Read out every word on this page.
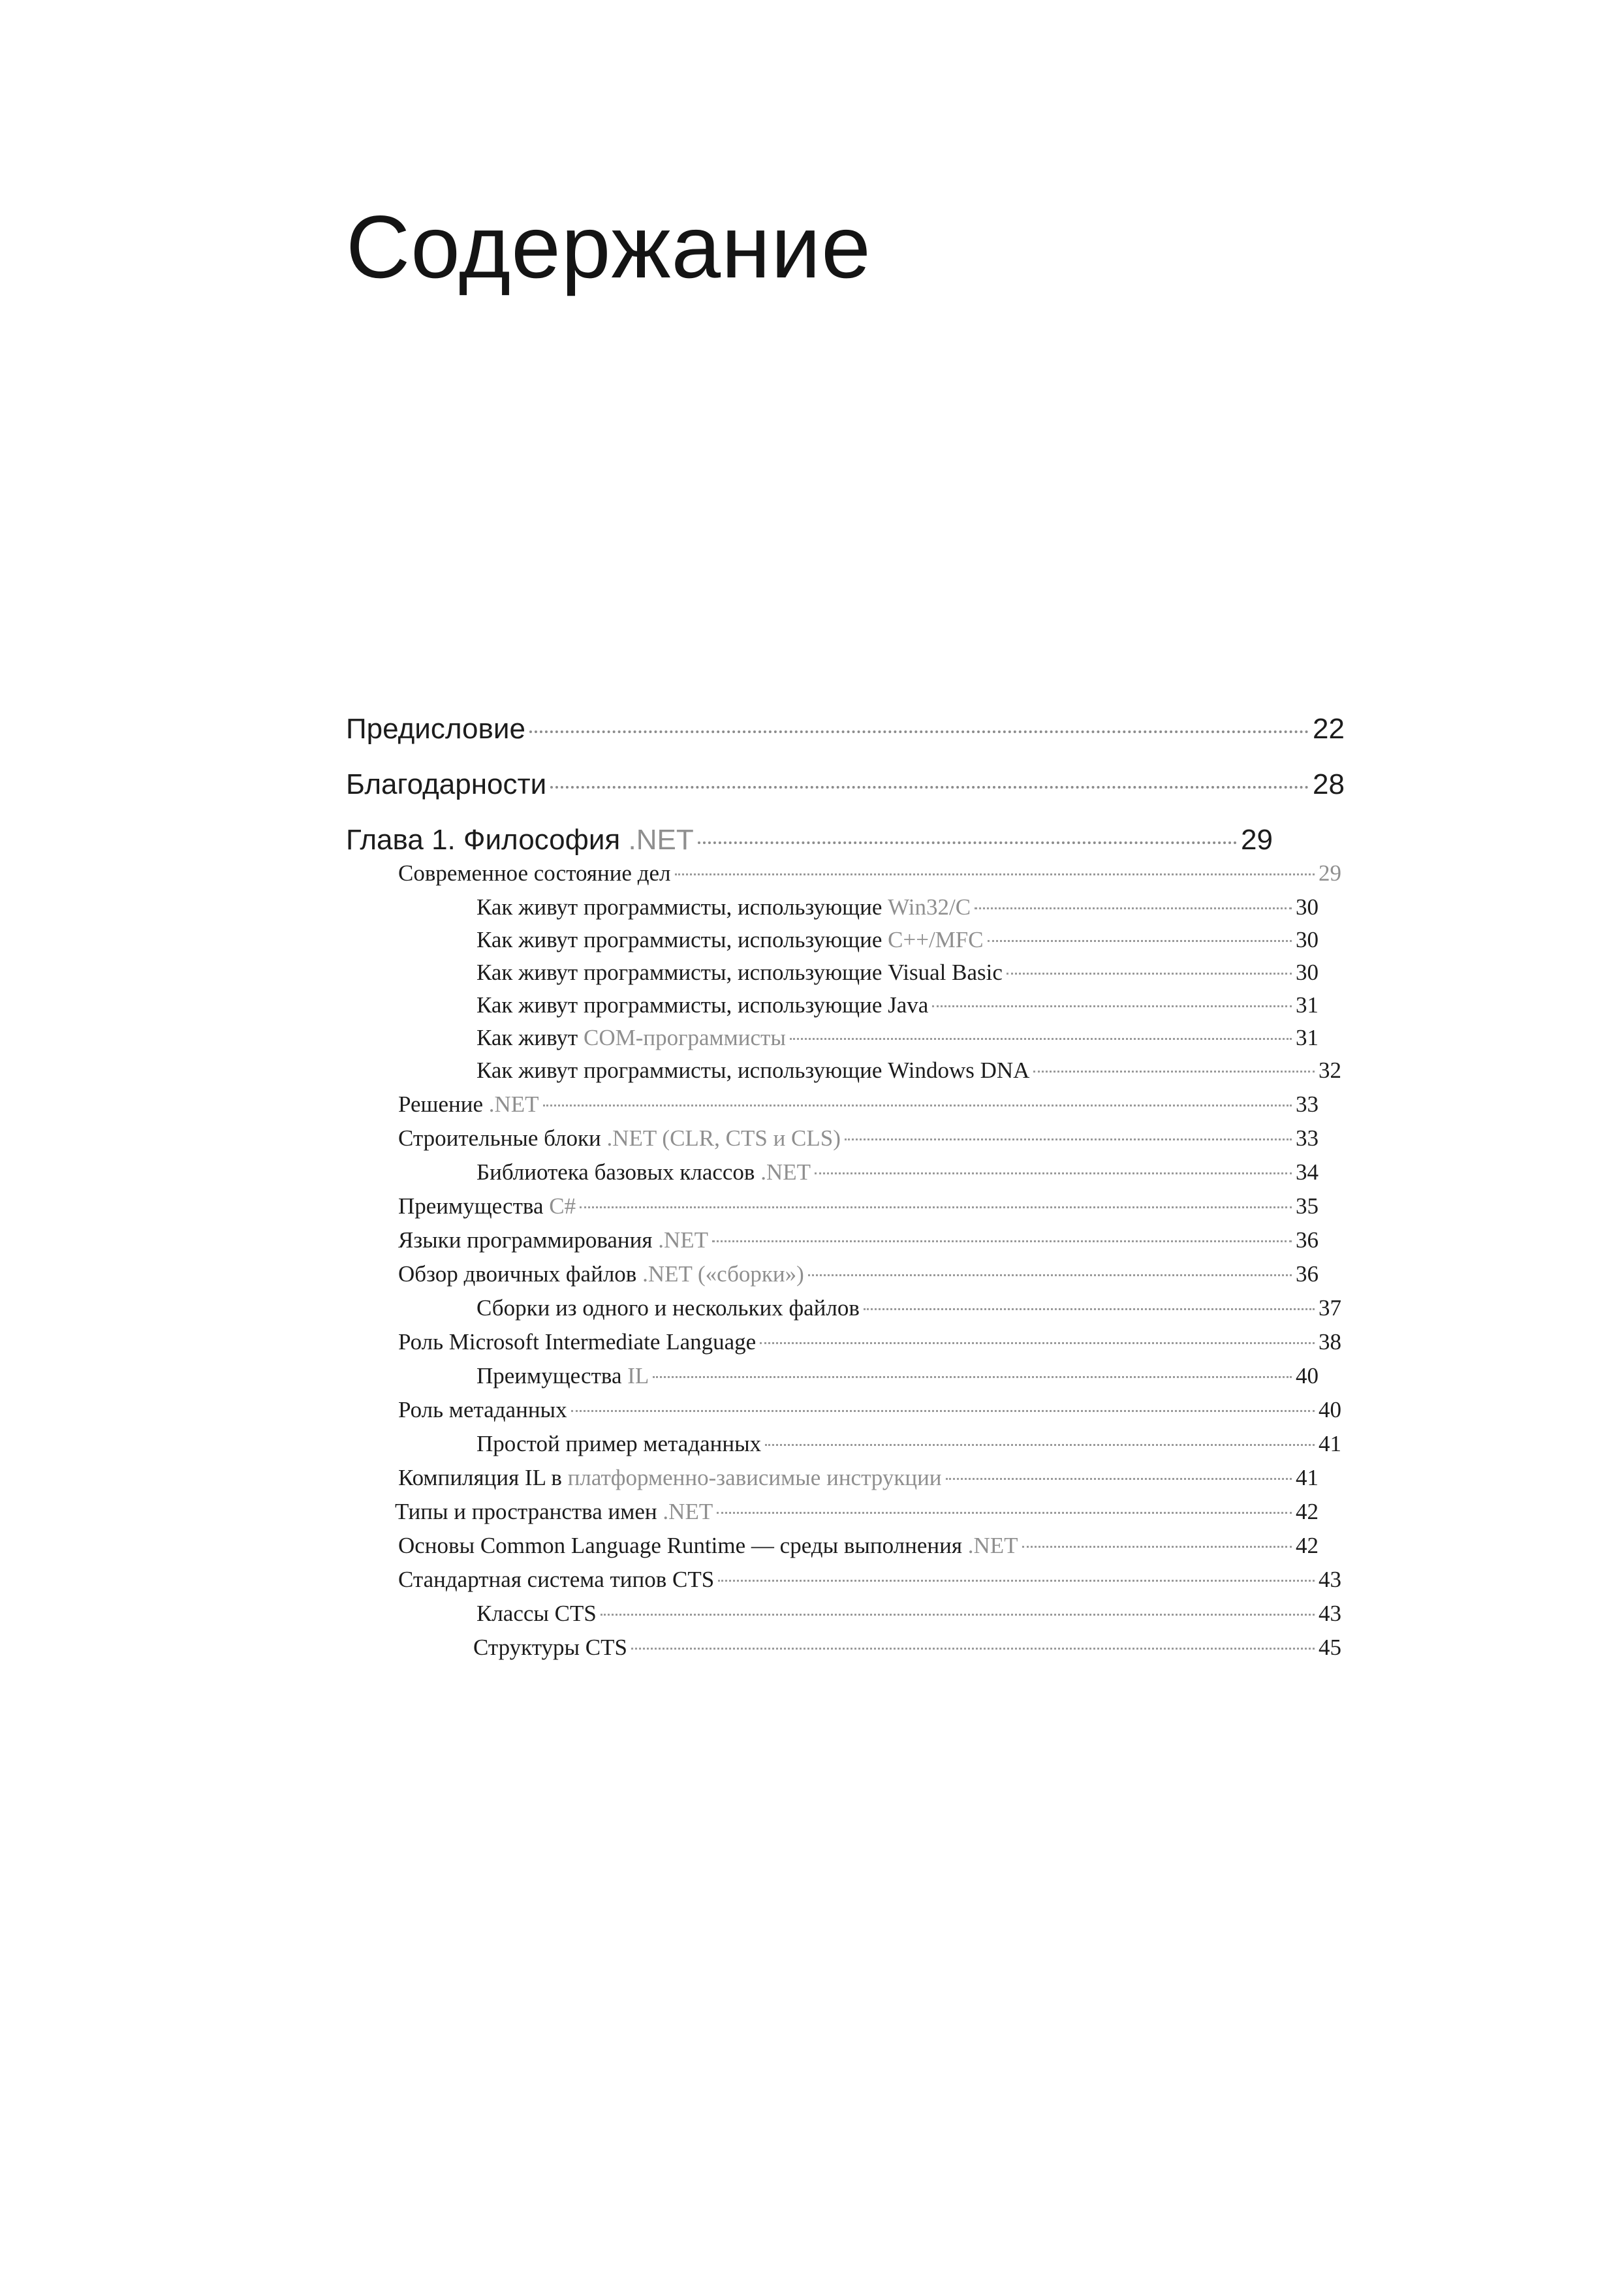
Содержание
Предисловие	22
Благодарности	28
Глава 1. Философия .NET	29
Современное состояние дел	29
Как живут программисты, использующие Win32/C	30
Как живут программисты, использующие C++/MFC	30
Как живут программисты, использующие Visual Basic	30
Как живут программисты, использующие Java	31
Как живут COM-программисты	31
Как живут программисты, использующие Windows DNA	32
Решение .NET	33
Строительные блоки .NET (CLR, CTS и CLS)	33
Библиотека базовых классов .NET	34
Преимущества C#	35
Языки программирования .NET	36
Обзор двоичных файлов .NET («сборки»)	36
Сборки из одного и нескольких файлов	37
Роль Microsoft Intermediate Language	38
Преимущества IL	40
Роль метаданных	40
Простой пример метаданных	41
Компиляция IL в платформенно-зависимые инструкции	41
Типы и пространства имен .NET	42
Основы Common Language Runtime — среды выполнения .NET	42
Стандартная система типов CTS	43
Классы CTS	43
Структуры CTS	45
